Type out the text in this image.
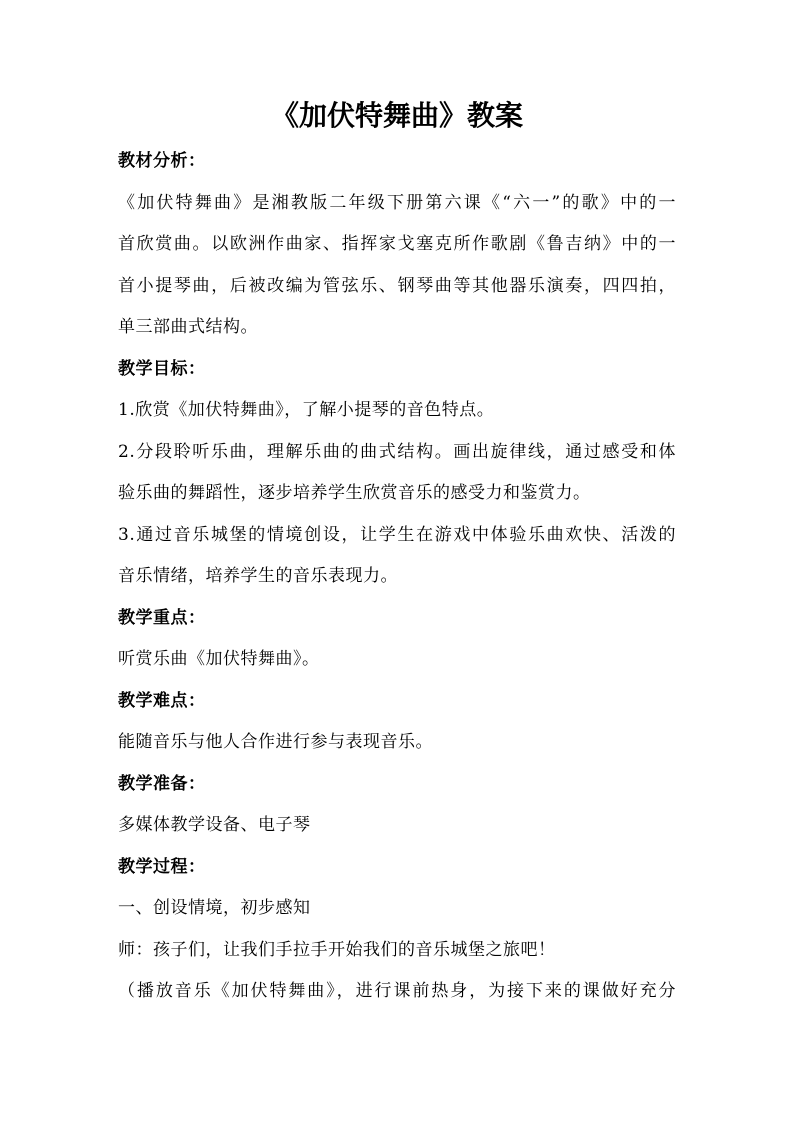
《加伏特舞曲》教案
教材分析：
《加伏特舞曲》是湘教版二年级下册第六课《“六一”的歌》中的一
首欣赏曲。以欧洲作曲家、指挥家戈塞克所作歌剧《鲁吉纳》中的一
首小提琴曲，后被改编为管弦乐、钢琴曲等其他器乐演奏，四四拍，
单三部曲式结构。
教学目标：
1.欣赏《加伏特舞曲》，了解小提琴的音色特点。
2.分段聆听乐曲，理解乐曲的曲式结构。画出旋律线，通过感受和体
验乐曲的舞蹈性，逐步培养学生欣赏音乐的感受力和鉴赏力。
3.通过音乐城堡的情境创设，让学生在游戏中体验乐曲欢快、活泼的
音乐情绪，培养学生的音乐表现力。
教学重点：
听赏乐曲《加伏特舞曲》。
教学难点：
能随音乐与他人合作进行参与表现音乐。
教学准备：
多媒体教学设备、电子琴
教学过程：
一、创设情境，初步感知
师：孩子们，让我们手拉手开始我们的音乐城堡之旅吧！
（播放音乐《加伏特舞曲》，进行课前热身，为接下来的课做好充分
